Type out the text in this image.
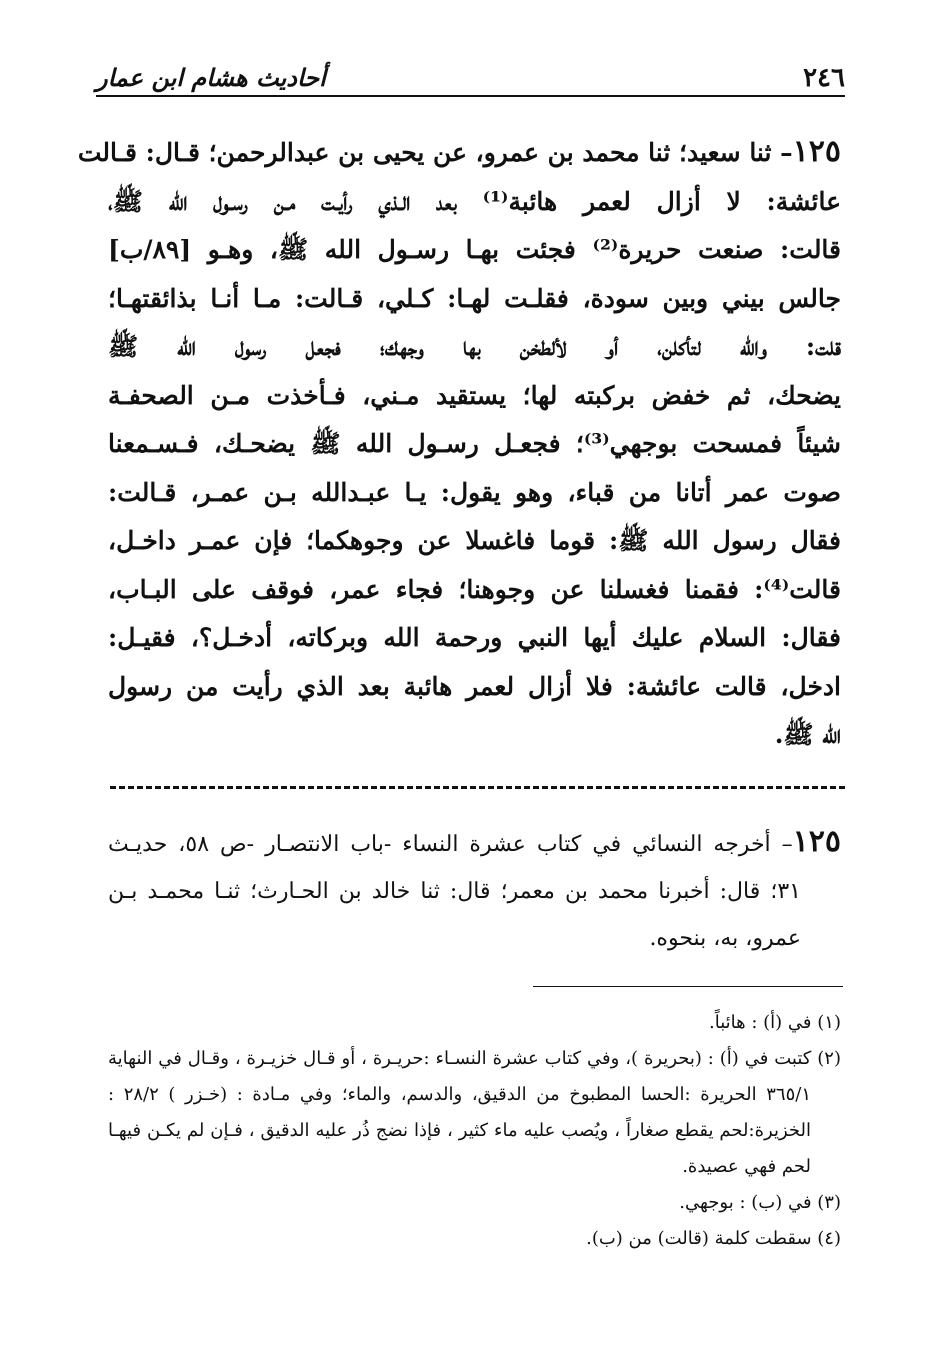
٢٤٦
أحاديث هشام ابن عمار
١٢٥– ثنا سعيد؛ ثنا محمد بن عمرو، عن يحيى بن عبدالرحمن؛ قـال: قـالت
عائشة: لا أزال لعمر هائبة⁽¹⁾ بعد الـذي رأيـت مـن رسـول الله ﷺ،
قالت: صنعت حريرة⁽²⁾ فجئت بهـا رسـول الله ﷺ، وهـو [٨٩/ب]
جالس بيني وبين سودة، فقلـت لهـا: كـلي، قـالت: مـا أنـا بذائقتهـا؛
قلت: والله لتأكلن، أو لألطخن بها وجهك؛ فجعل رسول الله ﷺ
يضحك، ثم خفض بركبته لها؛ يستقيد مـني، فـأخذت مـن الصحفـة
شيئاً فمسحت بوجهي⁽³⁾؛ فجعـل رسـول الله ﷺ يضحـك، فـسـمعنا
صوت عمر أتانا من قباء، وهو يقول: يـا عبـدالله بـن عمـر، قـالت:
فقال رسول الله ﷺ: قوما فاغسلا عن وجوهكما؛ فإن عمـر داخـل،
قالت⁽⁴⁾: فقمنا فغسلنا عن وجوهنا؛ فجاء عمر، فوقف على البـاب،
فقال: السلام عليك أيها النبي ورحمة الله وبركاته، أدخـل؟، فقيـل:
ادخل، قالت عائشة: فلا أزال لعمر هائبة بعد الذي رأيت من رسول
الله ﷺ.
١٢٥– أخرجه النسائي في كتاب عشرة النساء -باب الانتصـار -ص ٥٨، حديـث
٣١؛ قال: أخبرنا محمد بن معمر؛ قال: ثنا خالد بن الحـارث؛ ثنـا محمـد بـن
عمرو، به، بنحوه.
(١) في (أ) : هائباً.
(٢) كتبت في (أ) : (بحريرة )، وفي كتاب عشرة النسـاء :حريـرة ، أو قـال خزيـرة ، وقـال في النهاية
٣٦٥/١ الحريرة :الحسا المطبوخ من الدقيق، والدسم، والماء؛ وفي مـادة : (خـزر ) ٢٨/٢ :
الخزيرة:لحم يقطع صغاراً ، ويُصب عليه ماء كثير ، فإذا نضج ذُر عليه الدقيق ، فـإن لم يكـن فيهـا
لحم فهي عصيدة.
(٣) في (ب) : بوجهي.
(٤) سقطت كلمة (قالت) من (ب).
